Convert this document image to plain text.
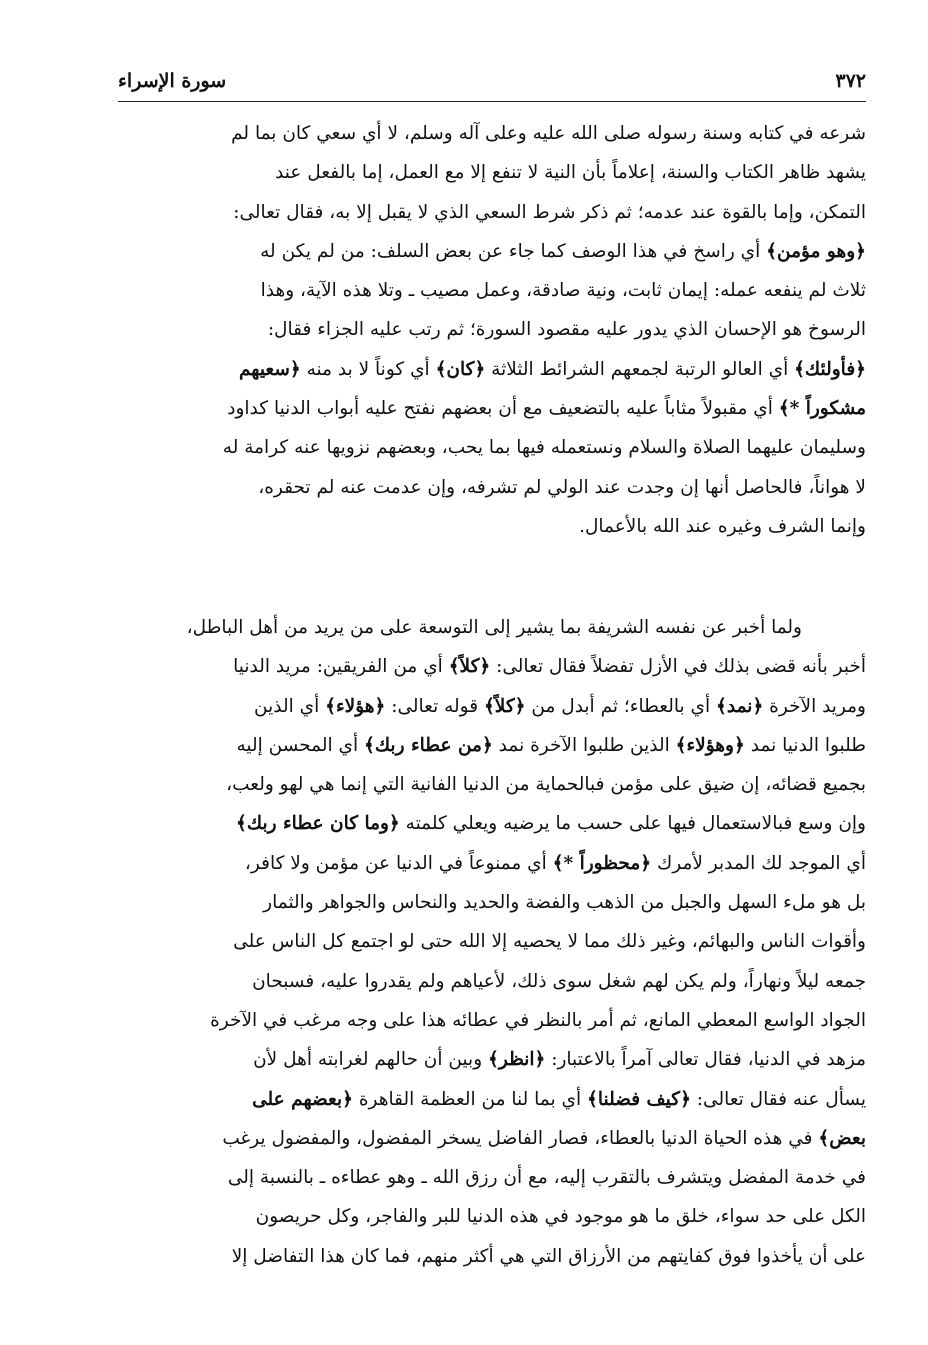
٣٧٢
سورة الإسراء
شرعه في كتابه وسنة رسوله صلى الله عليه وعلى آله وسلم، لا أي سعي كان بما لم
يشهد ظاهر الكتاب والسنة، إعلاماً بأن النية لا تنفع إلا مع العمل، إما بالفعل عند
التمكن، وإما بالقوة عند عدمه؛ ثم ذكر شرط السعي الذي لا يقبل إلا به، فقال تعالى:
﴿وهو مؤمن﴾ أي راسخ في هذا الوصف كما جاء عن بعض السلف: من لم يكن له
ثلاث لم ينفعه عمله: إيمان ثابت، ونية صادقة، وعمل مصيب ـ وتلا هذه الآية، وهذا
الرسوخ هو الإحسان الذي يدور عليه مقصود السورة؛ ثم رتب عليه الجزاء فقال:
﴿فأولئك﴾ أي العالو الرتبة لجمعهم الشرائط الثلاثة ﴿كان﴾ أي كوناً لا بد منه ﴿سعيهم
مشكوراً *﴾ أي مقبولاً مثاباً عليه بالتضعيف مع أن بعضهم نفتح عليه أبواب الدنيا كداود
وسليمان عليهما الصلاة والسلام ونستعمله فيها بما يحب، وبعضهم نزويها عنه كرامة له
لا هواناً، فالحاصل أنها إن وجدت عند الولي لم تشرفه، وإن عدمت عنه لم تحقره،
وإنما الشرف وغيره عند الله بالأعمال.
ولما أخبر عن نفسه الشريفة بما يشير إلى التوسعة على من يريد من أهل الباطل،
أخبر بأنه قضى بذلك في الأزل تفضلاً فقال تعالى: ﴿كلاً﴾ أي من الفريقين: مريد الدنيا
ومريد الآخرة ﴿نمد﴾ أي بالعطاء؛ ثم أبدل من ﴿كلاً﴾ قوله تعالى: ﴿هؤلاء﴾ أي الذين
طلبوا الدنيا نمد ﴿وهؤلاء﴾ الذين طلبوا الآخرة نمد ﴿من عطاء ربك﴾ أي المحسن إليه
بجميع قضائه، إن ضيق على مؤمن فبالحماية من الدنيا الفانية التي إنما هي لهو ولعب،
وإن وسع فبالاستعمال فيها على حسب ما يرضيه ويعلي كلمته ﴿وما كان عطاء ربك﴾
أي الموجد لك المدبر لأمرك ﴿محظوراً *﴾ أي ممنوعاً في الدنيا عن مؤمن ولا كافر،
بل هو ملء السهل والجبل من الذهب والفضة والحديد والنحاس والجواهر والثمار
وأقوات الناس والبهائم، وغير ذلك مما لا يحصيه إلا الله حتى لو اجتمع كل الناس على
جمعه ليلاً ونهاراً، ولم يكن لهم شغل سوى ذلك، لأعياهم ولم يقدروا عليه، فسبحان
الجواد الواسع المعطي المانع، ثم أمر بالنظر في عطائه هذا على وجه مرغب في الآخرة
مزهد في الدنيا، فقال تعالى آمراً بالاعتبار: ﴿انظر﴾ وبين أن حالهم لغرابته أهل لأن
يسأل عنه فقال تعالى: ﴿كيف فضلنا﴾ أي بما لنا من العظمة القاهرة ﴿بعضهم على
بعض﴾ في هذه الحياة الدنيا بالعطاء، فصار الفاضل يسخر المفضول، والمفضول يرغب
في خدمة المفضل ويتشرف بالتقرب إليه، مع أن رزق الله ـ وهو عطاءه ـ بالنسبة إلى
الكل على حد سواء، خلق ما هو موجود في هذه الدنيا للبر والفاجر، وكل حريصون
على أن يأخذوا فوق كفايتهم من الأرزاق التي هي أكثر منهم، فما كان هذا التفاضل إلا
